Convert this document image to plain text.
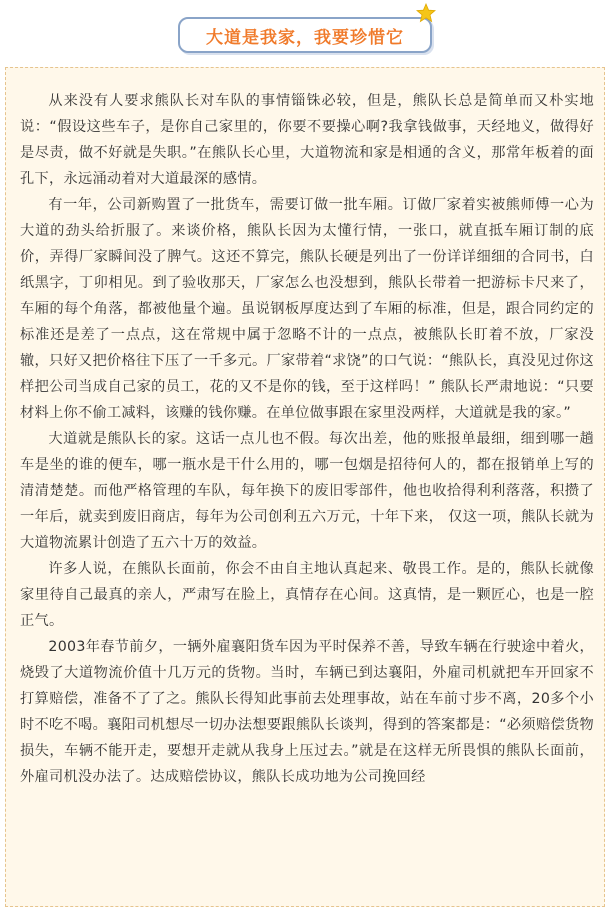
大道是我家，我要珍惜它

从来没有人要求熊队长对车队的事情锱铢必较，但是，熊队长总是简单而又朴实地说：“假设这些车子，是你自己家里的，你要不要操心啊?我拿钱做事，天经地义，做得好是尽责，做不好就是失职。”在熊队长心里，大道物流和家是相通的含义，那常年板着的面孔下，永远涌动着对大道最深的感情。

有一年，公司新购置了一批货车，需要订做一批车厢。订做厂家着实被熊师傅一心为大道的劲头给折服了。来谈价格，熊队长因为太懂行情，一张口，就直抵车厢订制的底价，弄得厂家瞬间没了脾气。这还不算完，熊队长硬是列出了一份详详细细的合同书，白纸黑字，丁卯相见。到了验收那天，厂家怎么也没想到，熊队长带着一把游标卡尺来了，车厢的每个角落，都被他量个遍。虽说钢板厚度达到了车厢的标准，但是，跟合同约定的标准还是差了一点点，这在常规中属于忽略不计的一点点，被熊队长盯着不放，厂家没辙，只好又把价格往下压了一千多元。厂家带着“求饶”的口气说：“熊队长，真没见过你这样把公司当成自己家的员工，花的又不是你的钱，至于这样吗！” 熊队长严肃地说：“只要材料上你不偷工减料，该赚的钱你赚。在单位做事跟在家里没两样，大道就是我的家。”

大道就是熊队长的家。这话一点儿也不假。每次出差，他的账报单最细，细到哪一趟车是坐的谁的便车，哪一瓶水是干什么用的，哪一包烟是招待何人的，都在报销单上写的清清楚楚。而他严格管理的车队，每年换下的废旧零部件，他也收拾得利利落落，积攒了一年后，就卖到废旧商店，每年为公司创利五六万元，十年下来， 仅这一项，熊队长就为大道物流累计创造了五六十万的效益。

许多人说，在熊队长面前，你会不由自主地认真起来、敬畏工作。是的，熊队长就像家里待自己最真的亲人，严肃写在脸上，真情存在心间。这真情，是一颗匠心，也是一腔正气。

2003年春节前夕，一辆外雇襄阳货车因为平时保养不善，导致车辆在行驶途中着火，烧毁了大道物流价值十几万元的货物。当时，车辆已到达襄阳，外雇司机就把车开回家不打算赔偿，准备不了了之。熊队长得知此事前去处理事故，站在车前寸步不离，20多个小时不吃不喝。襄阳司机想尽一切办法想要跟熊队长谈判，得到的答案都是：“必须赔偿货物损失，车辆不能开走，要想开走就从我身上压过去。”就是在这样无所畏惧的熊队长面前，外雇司机没办法了。达成赔偿协议，熊队长成功地为公司挽回经
